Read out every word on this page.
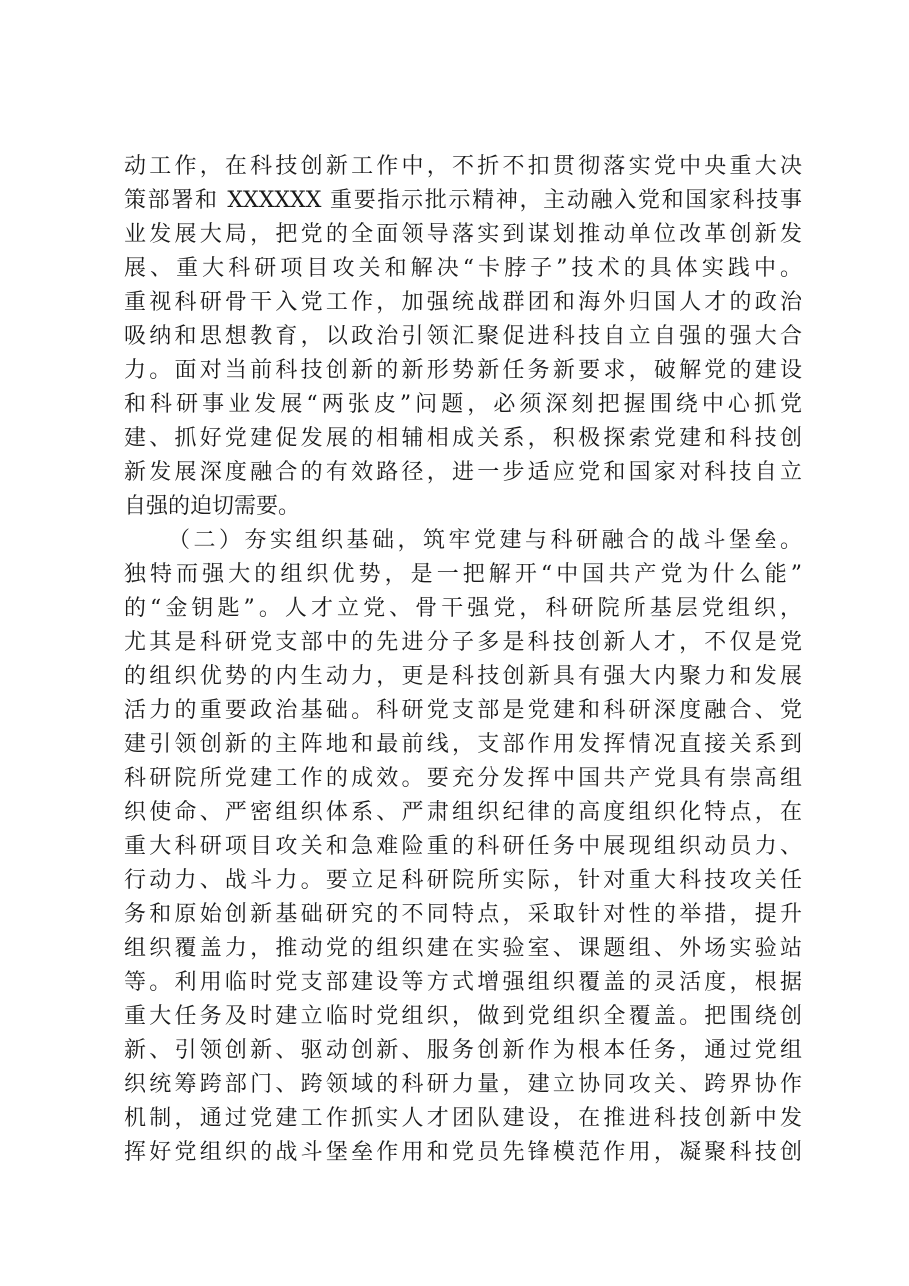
动工作，在科技创新工作中，不折不扣贯彻落实党中央重大决
策部署和 XXXXXX 重要指示批示精神，主动融入党和国家科技事
业发展大局，把党的全面领导落实到谋划推动单位改革创新发
展、重大科研项目攻关和解决“卡脖子”技术的具体实践中。
重视科研骨干入党工作，加强统战群团和海外归国人才的政治
吸纳和思想教育，以政治引领汇聚促进科技自立自强的强大合
力。面对当前科技创新的新形势新任务新要求，破解党的建设
和科研事业发展“两张皮”问题，必须深刻把握围绕中心抓党
建、抓好党建促发展的相辅相成关系，积极探索党建和科技创
新发展深度融合的有效路径，进一步适应党和国家对科技自立
自强的迫切需要。
（二）夯实组织基础，筑牢党建与科研融合的战斗堡垒。
独特而强大的组织优势，是一把解开“中国共产党为什么能”
的“金钥匙”。人才立党、骨干强党，科研院所基层党组织，
尤其是科研党支部中的先进分子多是科技创新人才，不仅是党
的组织优势的内生动力，更是科技创新具有强大内聚力和发展
活力的重要政治基础。科研党支部是党建和科研深度融合、党
建引领创新的主阵地和最前线，支部作用发挥情况直接关系到
科研院所党建工作的成效。要充分发挥中国共产党具有崇高组
织使命、严密组织体系、严肃组织纪律的高度组织化特点，在
重大科研项目攻关和急难险重的科研任务中展现组织动员力、
行动力、战斗力。要立足科研院所实际，针对重大科技攻关任
务和原始创新基础研究的不同特点，采取针对性的举措，提升
组织覆盖力，推动党的组织建在实验室、课题组、外场实验站
等。利用临时党支部建设等方式增强组织覆盖的灵活度，根据
重大任务及时建立临时党组织，做到党组织全覆盖。把围绕创
新、引领创新、驱动创新、服务创新作为根本任务，通过党组
织统筹跨部门、跨领域的科研力量，建立协同攻关、跨界协作
机制，通过党建工作抓实人才团队建设，在推进科技创新中发
挥好党组织的战斗堡垒作用和党员先锋模范作用，凝聚科技创
